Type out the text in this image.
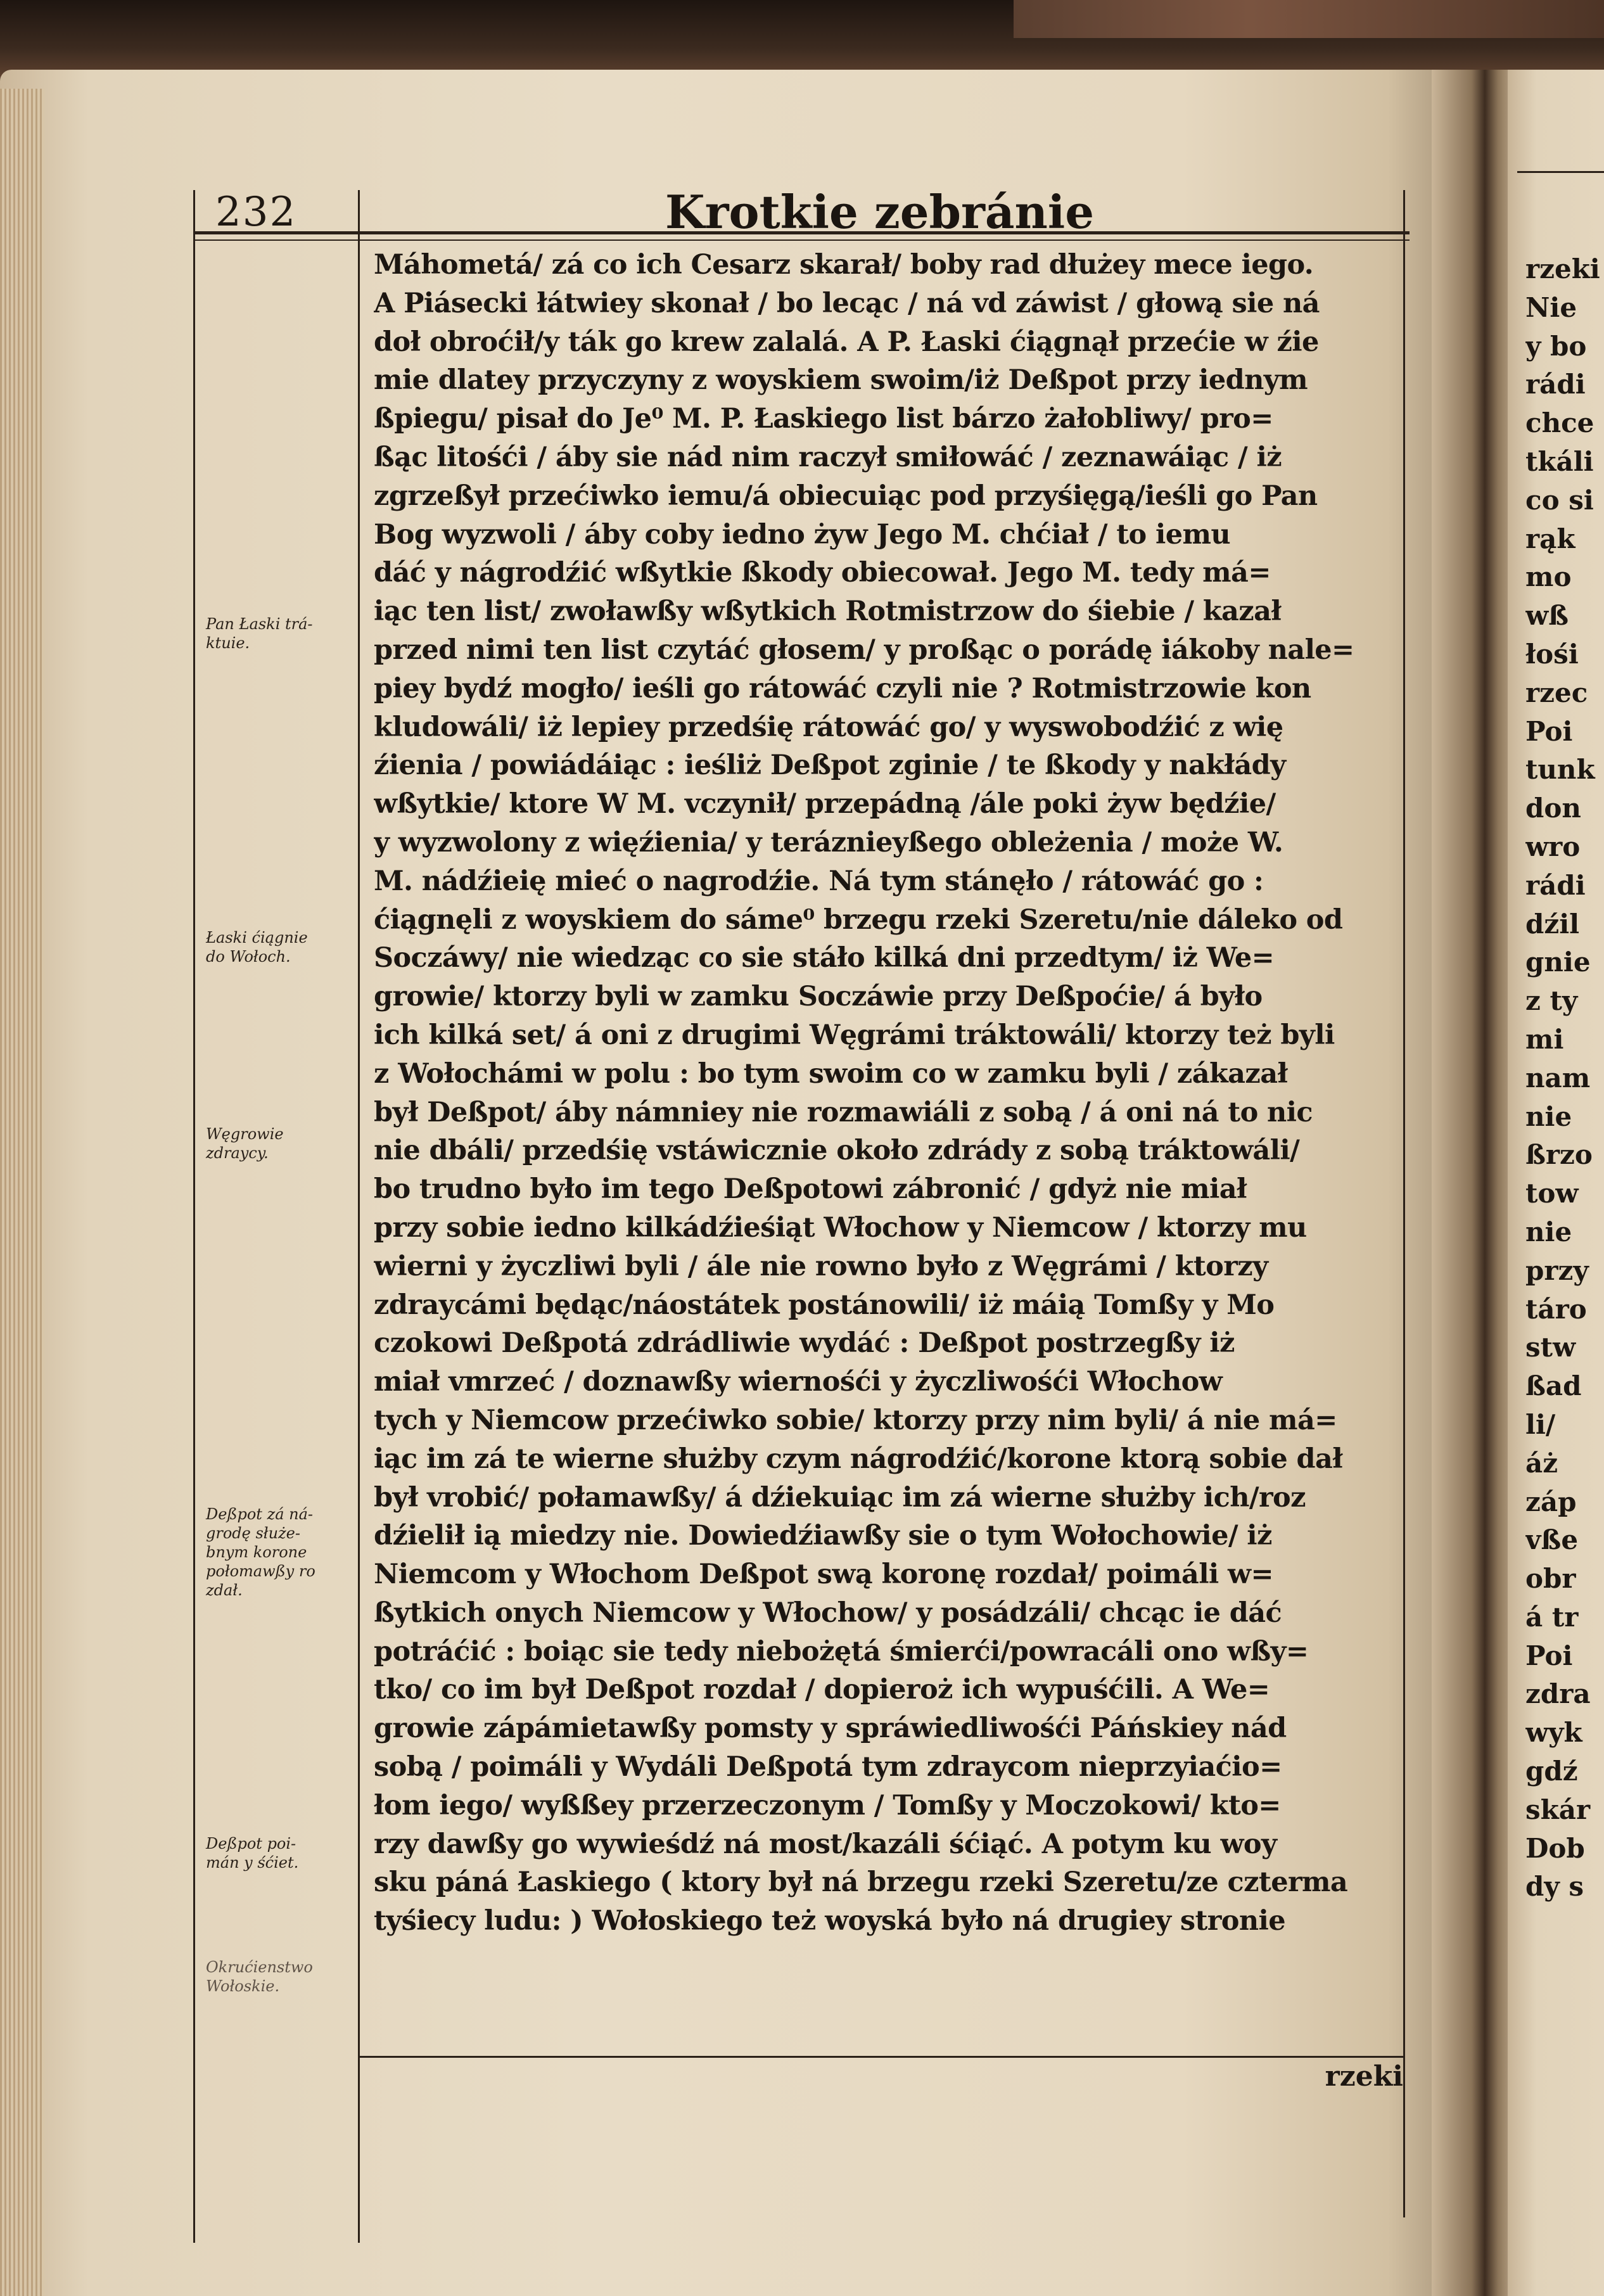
232	Krotkie zebránie
Máhometá/ zá co ich Cesarz skarał/ boby rad dłużey mece iego.
A Piásecki łátwiey skonał / bo lecąc / ná vd záwist / głową sie ná
doł obroćił/y ták go krew zalalá. A P. Łaski ćiągnął przećie w źie
mie dlatey przyczyny z woyskiem swoim/iż Deßpot przy iednym
ßpiegu/ pisał do Je⁰ M. P. Łaskiego list bárzo żałobliwy/ pro=
ßąc litośći / áby sie nád nim raczył smiłowáć / zeznawáiąc / iż
zgrzeßył przećiwko iemu/á obiecuiąc pod przyśięgą/ieśli go Pan
Bog wyzwoli / áby coby iedno żyw Jego M. chćiał / to iemu
dáć y nágrodźić wßytkie ßkody obiecował. Jego M. tedy má=
iąc ten list/ zwoławßy wßytkich Rotmistrzow do śiebie / kazał
przed nimi ten list czytáć głosem/ y proßąc o porádę iákoby nale=
piey bydź mogło/ ieśli go rátowáć czyli nie ? Rotmistrzowie kon
kludowáli/ iż lepiey przedśię rátowáć go/ y wyswobodźić z wię
źienia / powiádáiąc : ieśliż Deßpot zginie / te ßkody y nakłády
wßytkie/ ktore W M. vczynił/ przepádną /ále poki żyw będźie/
y wyzwolony z więźienia/ y teráznieyßego obleżenia / może W.
M. nádźieię mieć o nagrodźie. Ná tym stánęło / rátowáć go :
ćiągnęli z woyskiem do sáme⁰ brzegu rzeki Szeretu/nie dáleko od
Soczáwy/ nie wiedząc co sie stáło kilká dni przedtym/ iż We=
growie/ ktorzy byli w zamku Soczáwie przy Deßpoćie/ á było
ich kilká set/ á oni z drugimi Węgrámi tráktowáli/ ktorzy też byli
z Wołochámi w polu : bo tym swoim co w zamku byli / zákazał
był Deßpot/ áby námniey nie rozmawiáli z sobą / á oni ná to nic
nie dbáli/ przedśię vstáwicznie około zdrády z sobą tráktowáli/
bo trudno było im tego Deßpotowi zábronić / gdyż nie miał
przy sobie iedno kilkádźieśiąt Włochow y Niemcow / ktorzy mu
wierni y życzliwi byli / ále nie rowno było z Węgrámi / ktorzy
zdraycámi będąc/náostátek postánowili/ iż máią Tomßy y Mo
czokowi Deßpotá zdrádliwie wydáć : Deßpot postrzegßy iż
miał vmrzeć / doznawßy wiernośći y życzliwośći Włochow
tych y Niemcow przećiwko sobie/ ktorzy przy nim byli/ á nie má=
iąc im zá te wierne służby czym nágrodźić/korone ktorą sobie dał
był vrobić/ połamawßy/ á dźiekuiąc im zá wierne służby ich/roz
dźielił ią miedzy nie. Dowiedźiawßy sie o tym Wołochowie/ iż
Niemcom y Włochom Deßpot swą koronę rozdał/ poimáli w=
ßytkich onych Niemcow y Włochow/ y posádzáli/ chcąc ie dáć
potráćić : boiąc sie tedy niebożętá śmierći/powracáli ono wßy=
tko/ co im był Deßpot rozdał / dopieroż ich wypuśćili. A We=
growie zápámietawßy pomsty y spráwiedliwośći Páńskiey nád
sobą / poimáli y Wydáli Deßpotá tym zdraycom nieprzyiaćio=
łom iego/ wyßßey przerzeczonym / Tomßy y Moczokowi/ kto=
rzy dawßy go wywieśdź ná most/kazáli śćiąć. A potym ku woy
sku páná Łaskiego ( ktory był ná brzegu rzeki Szeretu/ze czterma
tyśiecy ludu: ) Wołoskiego też woyská było ná drugiey stronie
rzeki
Pan Łaski trá-
ktuie.
Łaski ćiągnie
do Wołoch.
Węgrowie
zdraycy.
Deßpot zá ná-
grodę służe-
bnym korone
połomawßy ro
zdał.
Deßpot poi-
mán y śćiet.
Okrućienstwo
Wołoskie.
rzeki
Nie
y bo
rádi
chce
tkáli
co si
rąk
mo
wß
łośi
rzec
Poi
tunk
don
wro
rádi
dźil
gnie
z ty
mi
nam
nie
ßrzo
tow
nie
przy
táro
stw
ßad
li/
áż
záp
vße
obr
á tr
Poi
zdra
wyk
gdź
skár
Dob
dy s
